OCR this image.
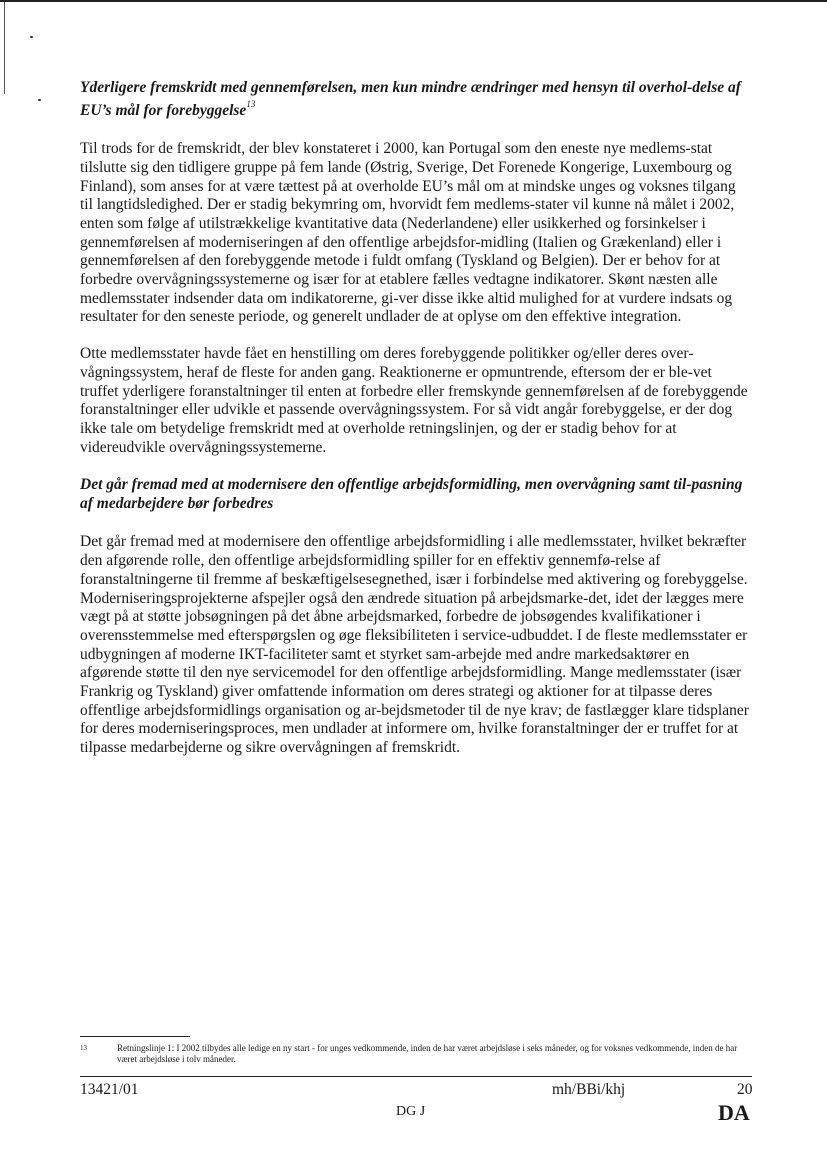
Yderligere fremskridt med gennemførelsen, men kun mindre ændringer med hensyn til overhol-delse af EU’s mål for forebyggelse$^{13}$

Til trods for de fremskridt, der blev konstateret i 2000, kan Portugal som den eneste nye medlems-stat tilslutte sig den tidligere gruppe på fem lande (Østrig, Sverige, Det Forenede Kongerige, Luxembourg og Finland), som anses for at være tættest på at overholde EU’s mål om at mindske unges og voksnes tilgang til langtidsledighed. Der er stadig bekymring om, hvorvidt fem medlems-stater vil kunne nå målet i 2002, enten som følge af utilstrækkelige kvantitative data (Nederlandene) eller usikkerhed og forsinkelser i gennemførelsen af moderniseringen af den offentlige arbejdsfor-midling (Italien og Grækenland) eller i gennemførelsen af den forebyggende metode i fuldt omfang (Tyskland og Belgien). Der er behov for at forbedre overvågningssystemerne og især for at etablere fælles vedtagne indikatorer. Skønt næsten alle medlemsstater indsender data om indikatorerne, gi-ver disse ikke altid mulighed for at vurdere indsats og resultater for den seneste periode, og generelt undlader de at oplyse om den effektive integration.

Otte medlemsstater havde fået en henstilling om deres forebyggende politikker og/eller deres over-vågningssystem, heraf de fleste for anden gang. Reaktionerne er opmuntrende, eftersom der er ble-vet truffet yderligere foranstaltninger til enten at forbedre eller fremskynde gennemførelsen af de forebyggende foranstaltninger eller udvikle et passende overvågningssystem. For så vidt angår forebyggelse, er der dog ikke tale om betydelige fremskridt med at overholde retningslinjen, og der er stadig behov for at videreudvikle overvågningssystemerne.

Det går fremad med at modernisere den offentlige arbejdsformidling, men overvågning samt til-pasning af medarbejdere bør forbedres

Det går fremad med at modernisere den offentlige arbejdsformidling i alle medlemsstater, hvilket bekræfter den afgørende rolle, den offentlige arbejdsformidling spiller for en effektiv gennemfø-relse af foranstaltningerne til fremme af beskæftigelsesegnethed, især i forbindelse med aktivering og forebyggelse. Moderniseringsprojekterne afspejler også den ændrede situation på arbejdsmarke-det, idet der lægges mere vægt på at støtte jobsøgningen på det åbne arbejdsmarked, forbedre de jobsøgendes kvalifikationer i overensstemmelse med efterspørgslen og øge fleksibiliteten i service-udbuddet. I de fleste medlemsstater er udbygningen af moderne IKT-faciliteter samt et styrket sam-arbejde med andre markedsaktører en afgørende støtte til den nye servicemodel for den offentlige arbejdsformidling. Mange medlemsstater (især Frankrig og Tyskland) giver omfattende information om deres strategi og aktioner for at tilpasse deres offentlige arbejdsformidlings organisation og ar-bejdsmetoder til de nye krav; de fastlægger klare tidsplaner for deres moderniseringsproces, men undlader at informere om, hvilke foranstaltninger der er truffet for at tilpasse medarbejderne og sikre overvågningen af fremskridt.

13	Retningslinje 1: I 2002 tilbydes alle ledige en ny start - for unges vedkommende, inden de har været arbejdsløse i seks måneder, og for voksnes vedkommende, inden de har været arbejdsløse i tolv måneder.
13421/01	mh/BBi/khj	20
DG J	DA
